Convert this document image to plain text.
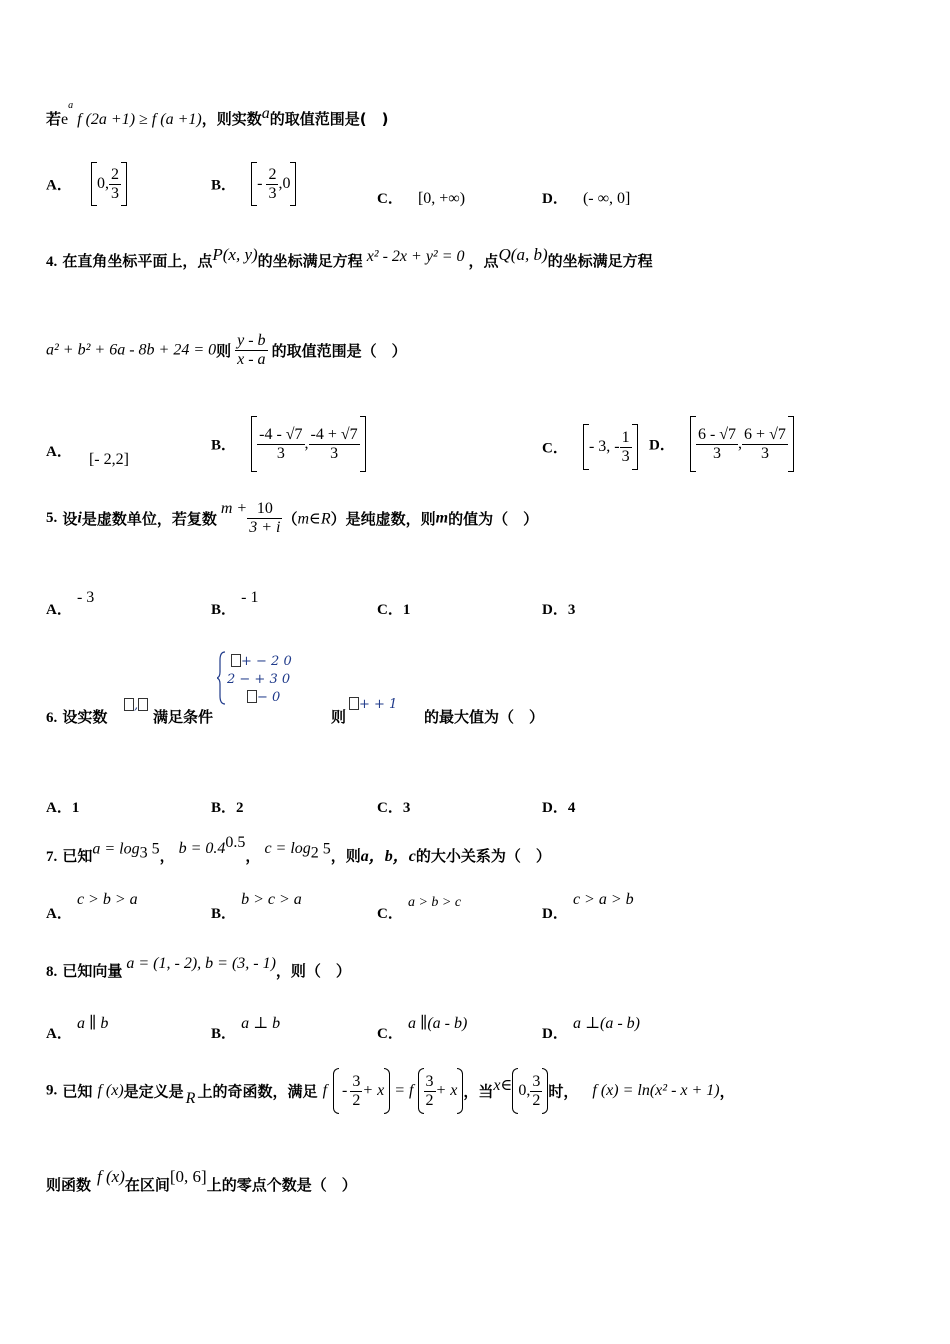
若$e^a$ f (2a +1) ≥ f (a +1)，则实数a的取值范围是(　)
A． 0, $\frac{2}{3}$	B． - $\frac{2}{3} ,0$
C． [0, +∞)	D． (- ∞, 0]
4. 在直角坐标平面上，点P(x, y)的坐标满足方程 x² - 2x + y² = 0 ，点Q(a, b)的坐标满足方程
a² + b² + 6a - 8b + 24 = 0则 $\frac{y - b}{x - a}$ 的取值范围是（　）
A． [- 2,2]
B． $\frac{-4 - √7}{3}$ , $\frac{-4 + √7}{3}$	C． - 3, - $\frac{1}{3}$ D． $\frac{6 - √7}{3}$ , $\frac{6 + √7}{3}$
5. 设i是虚数单位，若复数$m + \frac{10}{3 + i}$ （m∈R）是纯虚数，则m的值为（　）
A． - 3
B． - 1
C．1	D．3
6. 设实数
,
满足条件
+ − 2 0
2 − + 3 0
− 0
则
+ + 1
的最大值为（　）
A．1	B．2	C．3	D．4
7. 已知$a = \log_3 5$， $b = 0.4^{0.5}$， $c = \log_2 5$，则a，b，c的大小关系为（　）
A． c > b > a
B． b > c > a
C． a > b > c
D． c > a > b
8. 已知向量 a = (1, - 2), b = (3, - 1)，则（　）
A． a ∥ b
B． a ⊥ b
C． a ∥(a - b)
D． a ⊥(a - b)
9. 已知 f (x)是定义是 R 上的奇函数，满足 $f - \frac{3}{2} + x = f \frac{3}{2} + x$ ，当x∈ 0, $\frac{3}{2}$ 时， f (x) = ln(x² - x + 1)，
则函数 f (x)在区间[0, 6]上的零点个数是（　）
